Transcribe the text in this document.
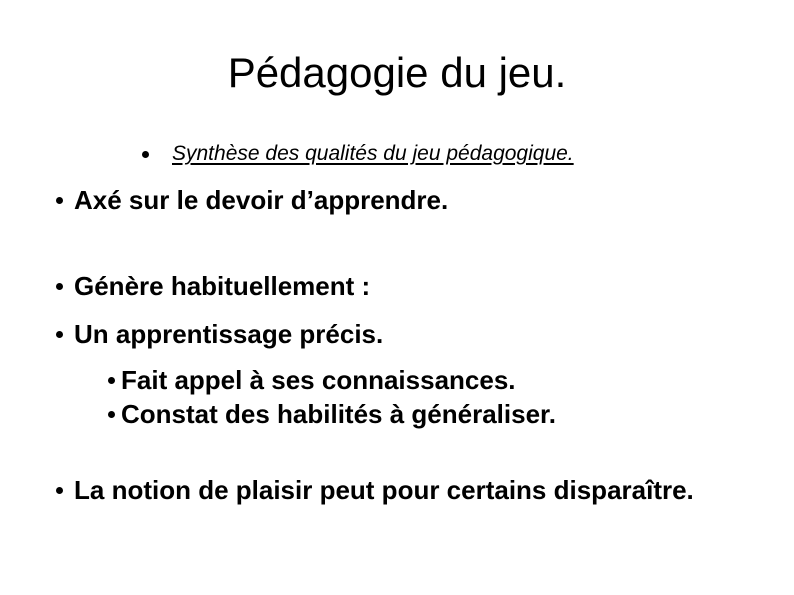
Pédagogie du jeu.
Synthèse des qualités du jeu pédagogique.
Axé sur le devoir d’apprendre.
Génère habituellement :
Un apprentissage précis.
Fait appel à ses connaissances.
Constat des habilités à généraliser.
La notion de plaisir peut pour certains disparaître.
